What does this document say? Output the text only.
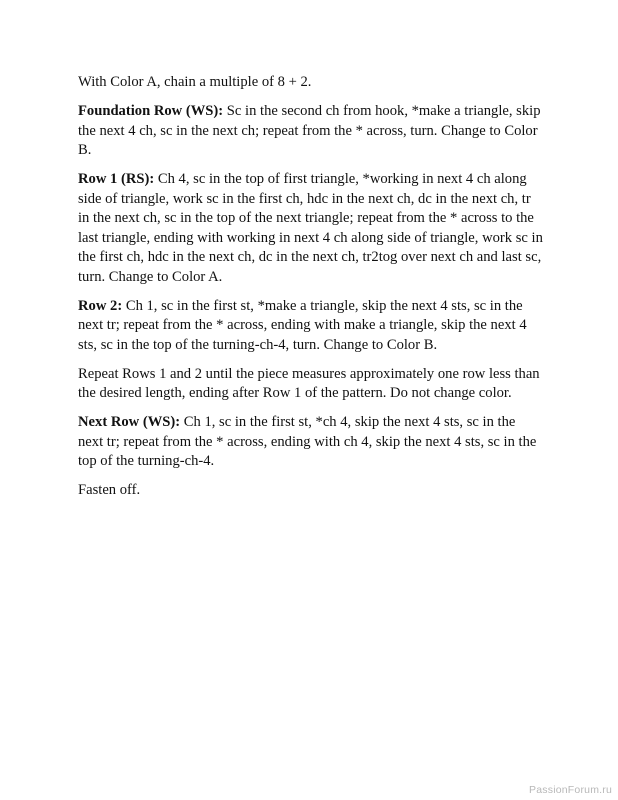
With Color A, chain a multiple of 8 + 2.

Foundation Row (WS): Sc in the second ch from hook, *make a triangle, skip the next 4 ch, sc in the next ch; repeat from the * across, turn. Change to Color B.

Row 1 (RS): Ch 4, sc in the top of first triangle, *working in next 4 ch along side of triangle, work sc in the first ch, hdc in the next ch, dc in the next ch, tr in the next ch, sc in the top of the next triangle; repeat from the * across to the last triangle, ending with working in next 4 ch along side of triangle, work sc in the first ch, hdc in the next ch, dc in the next ch, tr2tog over next ch and last sc, turn. Change to Color A.

Row 2: Ch 1, sc in the first st, *make a triangle, skip the next 4 sts, sc in the next tr; repeat from the * across, ending with make a triangle, skip the next 4 sts, sc in the top of the turning-ch-4, turn. Change to Color B.

Repeat Rows 1 and 2 until the piece measures approximately one row less than the desired length, ending after Row 1 of the pattern. Do not change color.

Next Row (WS): Ch 1, sc in the first st, *ch 4, skip the next 4 sts, sc in the next tr; repeat from the * across, ending with ch 4, skip the next 4 sts, sc in the top of the turning-ch-4.

Fasten off.

PassionForum.ru
